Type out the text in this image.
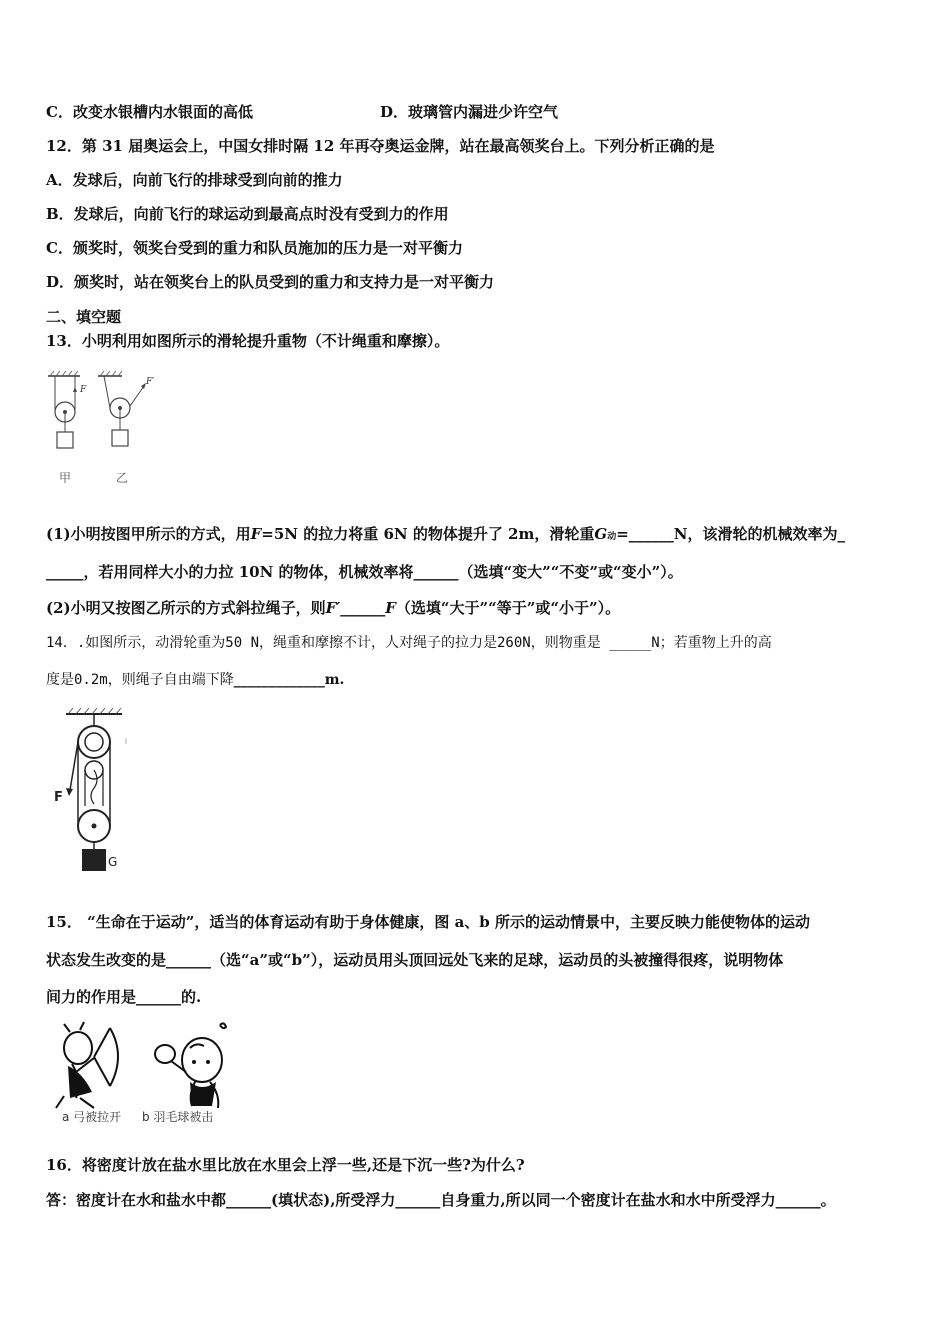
C．改变水银槽内水银面的高低	D．玻璃管内漏进少许空气
12．第 31 届奥运会上，中国女排时隔 12 年再夺奥运金牌，站在最高领奖台上。下列分析正确的是
A．发球后，向前飞行的排球受到向前的推力
B．发球后，向前飞行的球运动到最高点时没有受到力的作用
C．颁奖时，领奖台受到的重力和队员施加的压力是一对平衡力
D．颁奖时，站在领奖台上的队员受到的重力和支持力是一对平衡力
二、填空题
13．小明利用如图所示的滑轮提升重物（不计绳重和摩擦）。
F
F′
甲	乙
(1)小明按图甲所示的方式，用F=5N 的拉力将重 6N 的物体提升了 2m，滑轮重G动=______N，该滑轮的机械效率为_
_____，若用同样大小的力拉 10N 的物体，机械效率将______（选填“变大”“不变”或“变小”）。
(2)小明又按图乙所示的方式斜拉绳子，则F′______F（选填“大于”“等于”或“小于”）。
14．.如图所示，动滑轮重为50 N，绳重和摩擦不计，人对绳子的拉力是260N，则物重是 _____N；若重物上升的高
度是0.2m，则绳子自由端下降_____________m.
F
G
15． “生命在于运动”，适当的体育运动有助于身体健康，图 a、b 所示的运动情景中，主要反映力能使物体的运动
状态发生改变的是______（选“a”或“b”），运动员用头顶回远处飞来的足球，运动员的头被撞得很疼，说明物体
间力的作用是______的.
a 弓被拉开 b 羽毛球被击
16．将密度计放在盐水里比放在水里会上浮一些,还是下沉一些?为什么?
答：密度计在水和盐水中都______(填状态),所受浮力______自身重力,所以同一个密度计在盐水和水中所受浮力______。
